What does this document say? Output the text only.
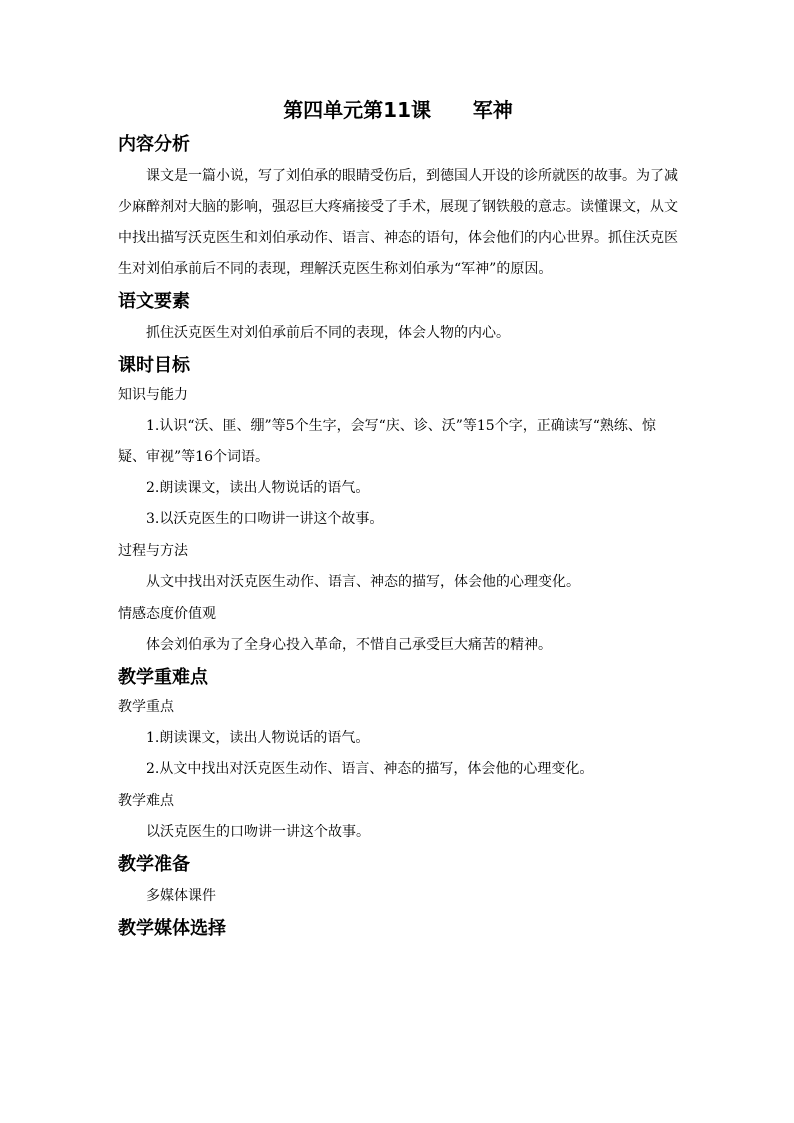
第四单元第11课      军神
内容分析

课文是一篇小说，写了刘伯承的眼睛受伤后，到德国人开设的诊所就医的故事。为了减少麻醉剂对大脑的影响，强忍巨大疼痛接受了手术，展现了钢铁般的意志。读懂课文，从文中找出描写沃克医生和刘伯承动作、语言、神态的语句，体会他们的内心世界。抓住沃克医生对刘伯承前后不同的表现，理解沃克医生称刘伯承为“军神”的原因。

语文要素

抓住沃克医生对刘伯承前后不同的表现，体会人物的内心。

课时目标
知识与能力

1.认识“沃、匪、绷”等5个生字，会写“庆、诊、沃”等15个字，正确读写“熟练、惊疑、审视”等16个词语。

2.朗读课文，读出人物说话的语气。

3.以沃克医生的口吻讲一讲这个故事。

过程与方法

从文中找出对沃克医生动作、语言、神态的描写，体会他的心理变化。

情感态度价值观

体会刘伯承为了全身心投入革命，不惜自己承受巨大痛苦的精神。

教学重难点
教学重点

1.朗读课文，读出人物说话的语气。

2.从文中找出对沃克医生动作、语言、神态的描写，体会他的心理变化。

教学难点

以沃克医生的口吻讲一讲这个故事。

教学准备

多媒体课件

教学媒体选择
